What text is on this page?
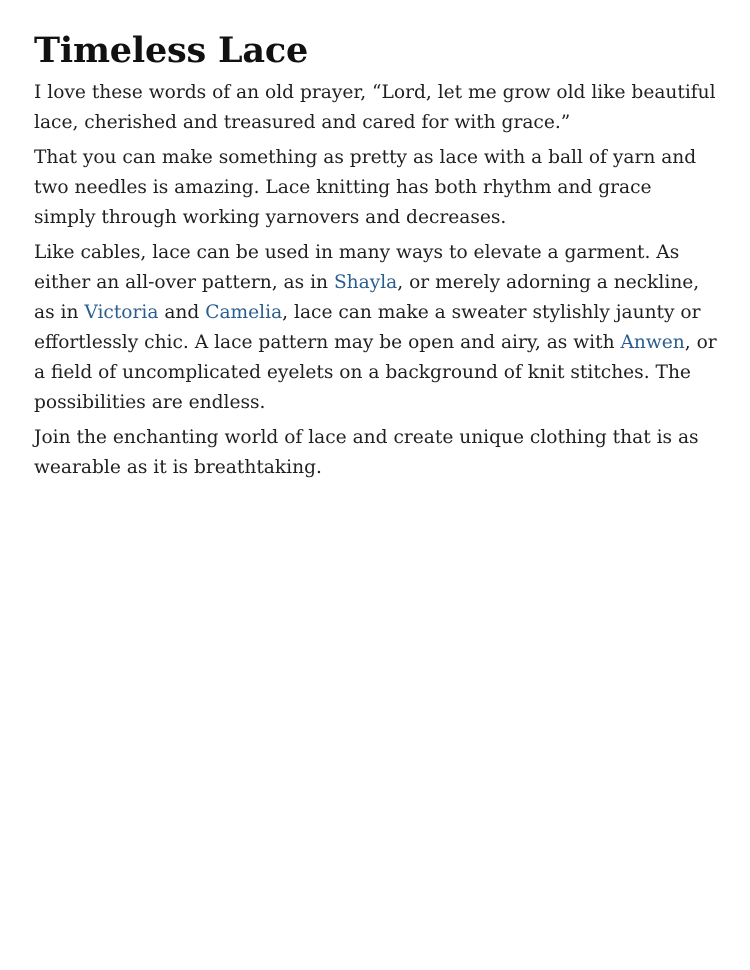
Timeless Lace

I love these words of an old prayer, “Lord, let me grow old like beautiful lace, cherished and treasured and cared for with grace.”

That you can make something as pretty as lace with a ball of yarn and two needles is amazing. Lace knitting has both rhythm and grace simply through working yarnovers and decreases.

Like cables, lace can be used in many ways to elevate a garment. As either an all-over pattern, as in Shayla, or merely adorning a neckline, as in Victoria and Camelia, lace can make a sweater stylishly jaunty or effortlessly chic. A lace pattern may be open and airy, as with Anwen, or a field of uncomplicated eyelets on a background of knit stitches. The possibilities are endless.

Join the enchanting world of lace and create unique clothing that is as wearable as it is breathtaking.
